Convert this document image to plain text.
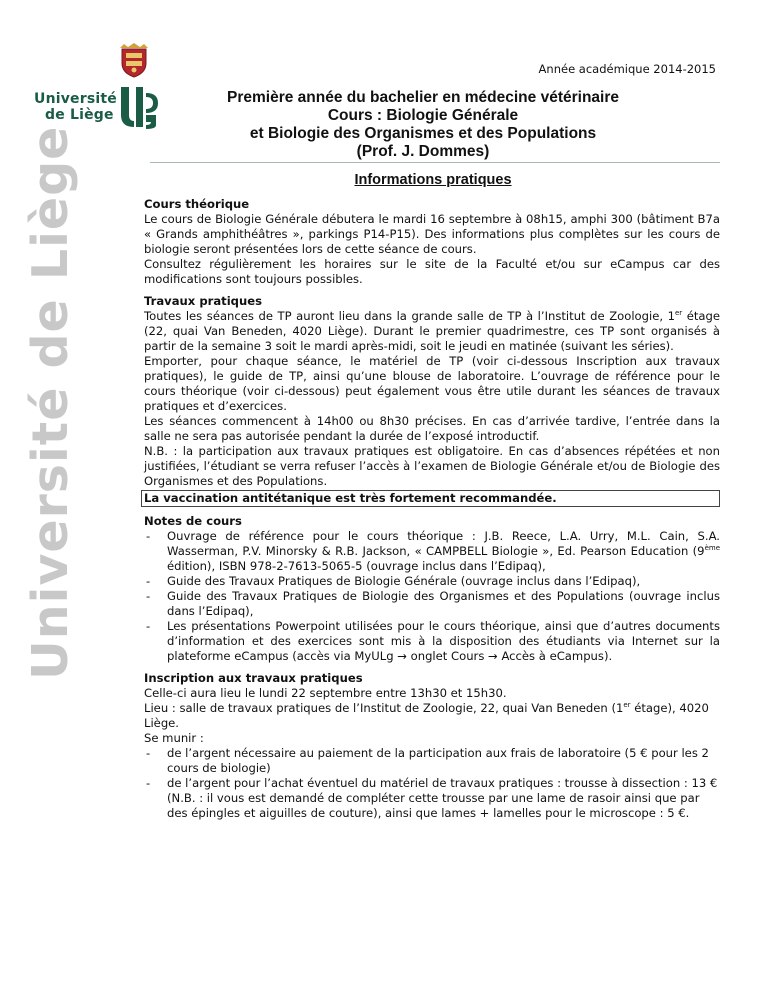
Université
de Liège
Université de Liège
Année académique 2014-2015
Première année du bachelier en médecine vétérinaire
Cours : Biologie Générale
et Biologie des Organismes et des Populations
(Prof. J. Dommes)
Informations pratiques
Cours théorique
Le cours de Biologie Générale débutera le mardi 16 septembre à 08h15, amphi 300 (bâtiment B7a « Grands amphithéâtres », parkings P14-P15). Des informations plus complètes sur les cours de biologie seront présentées lors de cette séance de cours.
Consultez régulièrement les horaires sur le site de la Faculté et/ou sur eCampus car des modifications sont toujours possibles.
Travaux pratiques
Toutes les séances de TP auront lieu dans la grande salle de TP à l’Institut de Zoologie, 1er étage (22, quai Van Beneden, 4020 Liège). Durant le premier quadrimestre, ces TP sont organisés à partir de la semaine 3 soit le mardi après-midi, soit le jeudi en matinée (suivant les séries).
Emporter, pour chaque séance, le matériel de TP (voir ci-dessous Inscription aux travaux pratiques), le guide de TP, ainsi qu’une blouse de laboratoire. L’ouvrage de référence pour le cours théorique (voir ci-dessous) peut également vous être utile durant les séances de travaux pratiques et d’exercices.
Les séances commencent à 14h00 ou 8h30 précises. En cas d’arrivée tardive, l’entrée dans la salle ne sera pas autorisée pendant la durée de l’exposé introductif.
N.B. : la participation aux travaux pratiques est obligatoire. En cas d’absences répétées et non justifiées, l’étudiant se verra refuser l’accès à l’examen de Biologie Générale et/ou de Biologie des Organismes et des Populations.
La vaccination antitétanique est très fortement recommandée.
Notes de cours
- Ouvrage de référence pour le cours théorique : J.B. Reece, L.A. Urry, M.L. Cain, S.A. Wasserman, P.V. Minorsky & R.B. Jackson, « CAMPBELL Biologie », Ed. Pearson Education (9ème édition), ISBN 978-2-7613-5065-5 (ouvrage inclus dans l’Edipaq),
- Guide des Travaux Pratiques de Biologie Générale (ouvrage inclus dans l’Edipaq),
- Guide des Travaux Pratiques de Biologie des Organismes et des Populations (ouvrage inclus dans l’Edipaq),
- Les présentations Powerpoint utilisées pour le cours théorique, ainsi que d’autres documents d’information et des exercices sont mis à la disposition des étudiants via Internet sur la plateforme eCampus (accès via MyULg → onglet Cours → Accès à eCampus).
Inscription aux travaux pratiques
Celle-ci aura lieu le lundi 22 septembre entre 13h30 et 15h30.
Lieu : salle de travaux pratiques de l’Institut de Zoologie, 22, quai Van Beneden (1er étage), 4020 Liège.
Se munir :
- de l’argent nécessaire au paiement de la participation aux frais de laboratoire (5 € pour les 2 cours de biologie)
- de l’argent pour l’achat éventuel du matériel de travaux pratiques : trousse à dissection : 13 € (N.B. : il vous est demandé de compléter cette trousse par une lame de rasoir ainsi que par des épingles et aiguilles de couture), ainsi que lames + lamelles pour le microscope : 5 €.
